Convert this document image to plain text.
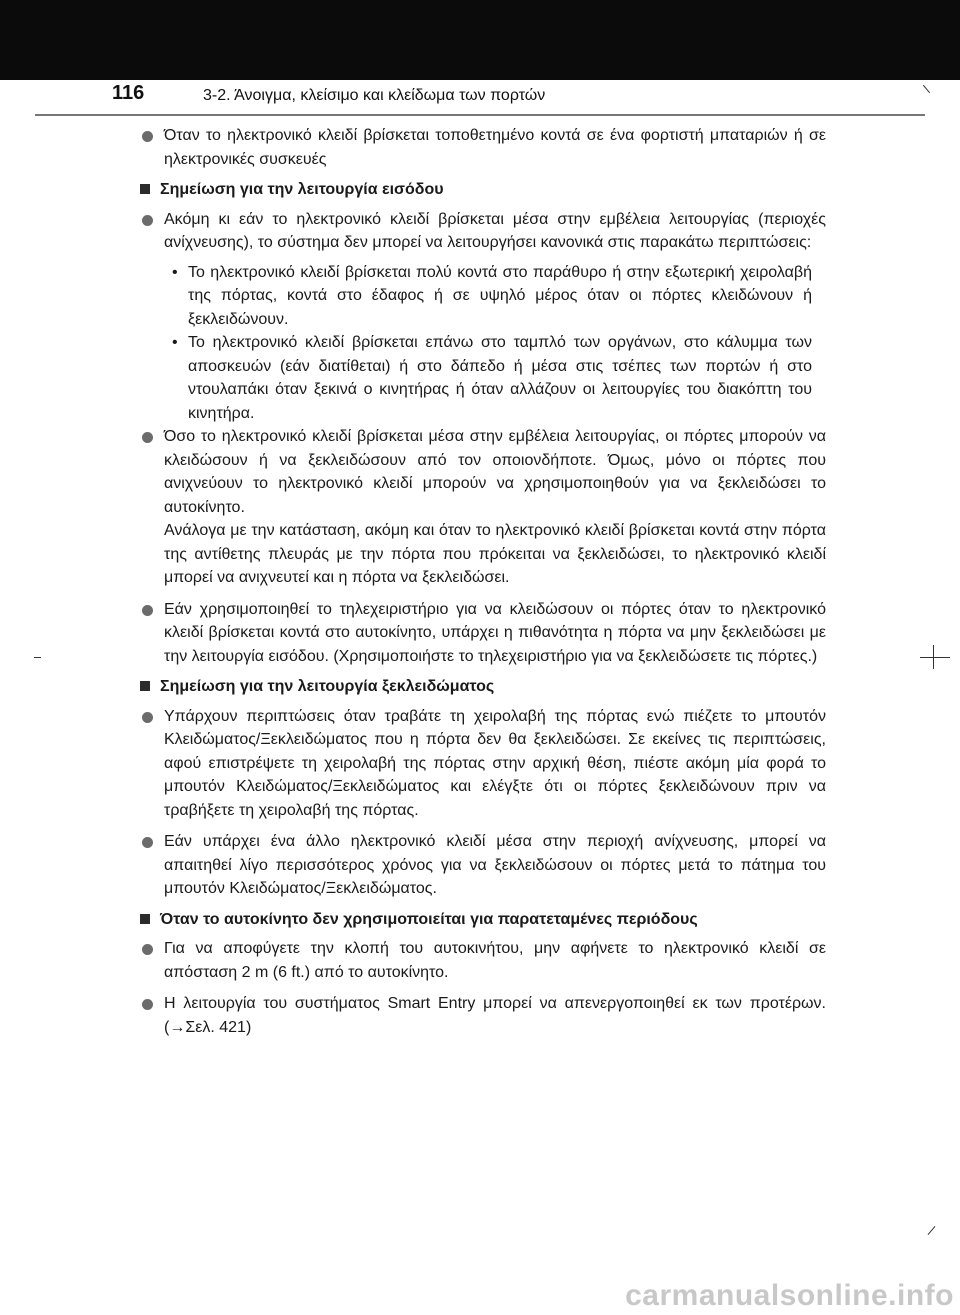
116	3-2. Άνοιγμα, κλείσιμο και κλείδωμα των πορτών
Όταν το ηλεκτρονικό κλειδί βρίσκεται τοποθετημένο κοντά σε ένα φορτιστή μπαταριών ή σε ηλεκτρονικές συσκευές
Σημείωση για την λειτουργία εισόδου
Ακόμη κι εάν το ηλεκτρονικό κλειδί βρίσκεται μέσα στην εμβέλεια λειτουργίας (περιοχές ανίχνευσης), το σύστημα δεν μπορεί να λειτουργήσει κανονικά στις παρακάτω περιπτώσεις:
• Το ηλεκτρονικό κλειδί βρίσκεται πολύ κοντά στο παράθυρο ή στην εξωτερική χειρολαβή της πόρτας, κοντά στο έδαφος ή σε υψηλό μέρος όταν οι πόρτες κλειδώνουν ή ξεκλειδώνουν.
• Το ηλεκτρονικό κλειδί βρίσκεται επάνω στο ταμπλό των οργάνων, στο κάλυμμα των αποσκευών (εάν διατίθεται) ή στο δάπεδο ή μέσα στις τσέπες των πορτών ή στο ντουλαπάκι όταν ξεκινά ο κινητήρας ή όταν αλλάζουν οι λειτουργίες του διακόπτη του κινητήρα.
Όσο το ηλεκτρονικό κλειδί βρίσκεται μέσα στην εμβέλεια λειτουργίας, οι πόρτες μπορούν να κλειδώσουν ή να ξεκλειδώσουν από τον οποιονδήποτε. Όμως, μόνο οι πόρτες που ανιχνεύουν το ηλεκτρονικό κλειδί μπορούν να χρησιμοποιηθούν για να ξεκλειδώσει το αυτοκίνητο.
Ανάλογα με την κατάσταση, ακόμη και όταν το ηλεκτρονικό κλειδί βρίσκεται κοντά στην πόρτα της αντίθετης πλευράς με την πόρτα που πρόκειται να ξεκλειδώσει, το ηλεκτρονικό κλειδί μπορεί να ανιχνευτεί και η πόρτα να ξεκλειδώσει.
Εάν χρησιμοποιηθεί το τηλεχειριστήριο για να κλειδώσουν οι πόρτες όταν το ηλεκτρονικό κλειδί βρίσκεται κοντά στο αυτοκίνητο, υπάρχει η πιθανότητα η πόρτα να μην ξεκλειδώσει με την λειτουργία εισόδου. (Χρησιμοποιήστε το τηλεχειριστήριο για να ξεκλειδώσετε τις πόρτες.)
Σημείωση για την λειτουργία ξεκλειδώματος
Υπάρχουν περιπτώσεις όταν τραβάτε τη χειρολαβή της πόρτας ενώ πιέζετε το μπουτόν Κλειδώματος/Ξεκλειδώματος που η πόρτα δεν θα ξεκλειδώσει. Σε εκείνες τις περιπτώσεις, αφού επιστρέψετε τη χειρολαβή της πόρτας στην αρχική θέση, πιέστε ακόμη μία φορά το μπουτόν Κλειδώματος/Ξεκλειδώματος και ελέγξτε ότι οι πόρτες ξεκλειδώνουν πριν να τραβήξετε τη χειρολαβή της πόρτας.
Εάν υπάρχει ένα άλλο ηλεκτρονικό κλειδί μέσα στην περιοχή ανίχνευσης, μπορεί να απαιτηθεί λίγο περισσότερος χρόνος για να ξεκλειδώσουν οι πόρτες μετά το πάτημα του μπουτόν Κλειδώματος/Ξεκλειδώματος.
Όταν το αυτοκίνητο δεν χρησιμοποιείται για παρατεταμένες περιόδους
Για να αποφύγετε την κλοπή του αυτοκινήτου, μην αφήνετε το ηλεκτρονικό κλειδί σε απόσταση 2 m (6 ft.) από το αυτοκίνητο.
Η λειτουργία του συστήματος Smart Entry μπορεί να απενεργοποιηθεί εκ των προτέρων. (→Σελ. 421)
carmanualsonline.info
